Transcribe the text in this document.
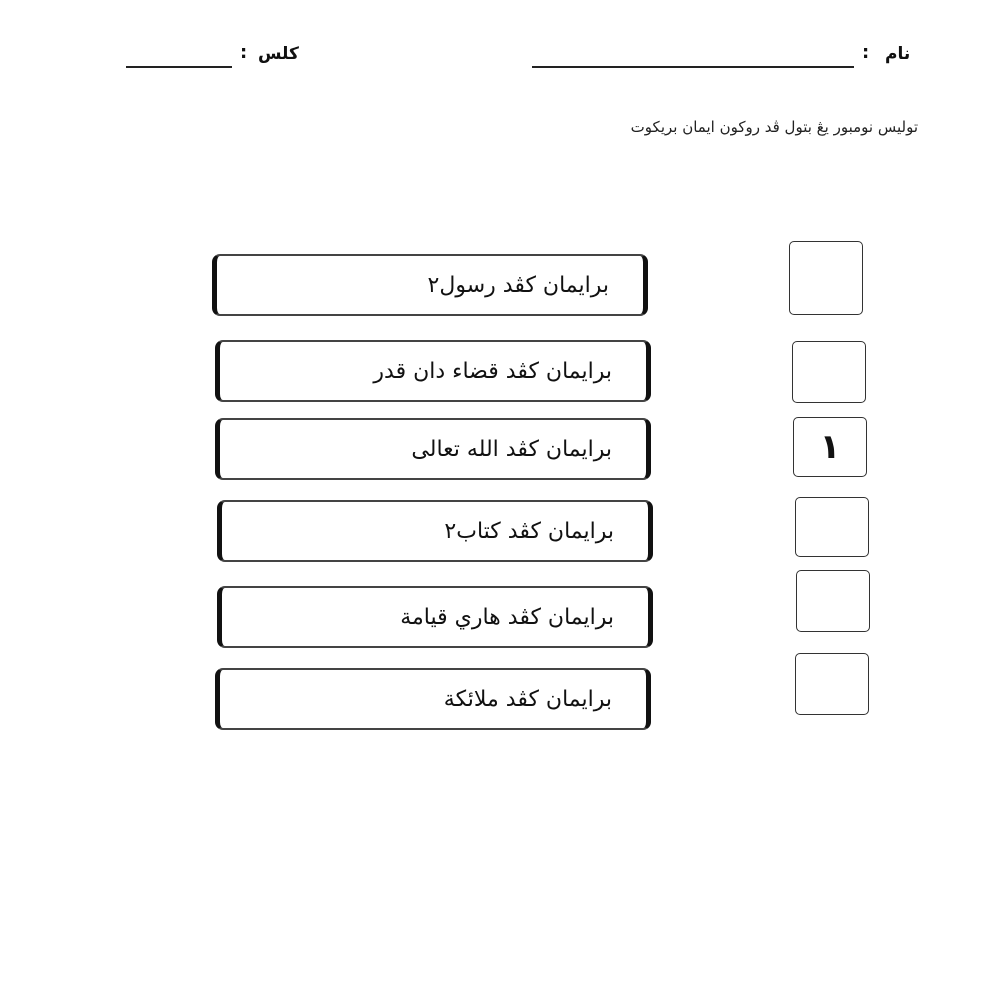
نام
:
كلس
:
توليس نومبور يڠ بتول ڤد روكون ايمان بريكوت
برايمان كڤد رسول٢
برايمان كڤد قضاء دان قدر
برايمان كڤد الله تعالى
برايمان كڤد كتاب٢
برايمان كڤد هاري قيامة
برايمان كڤد ملائكة
١
